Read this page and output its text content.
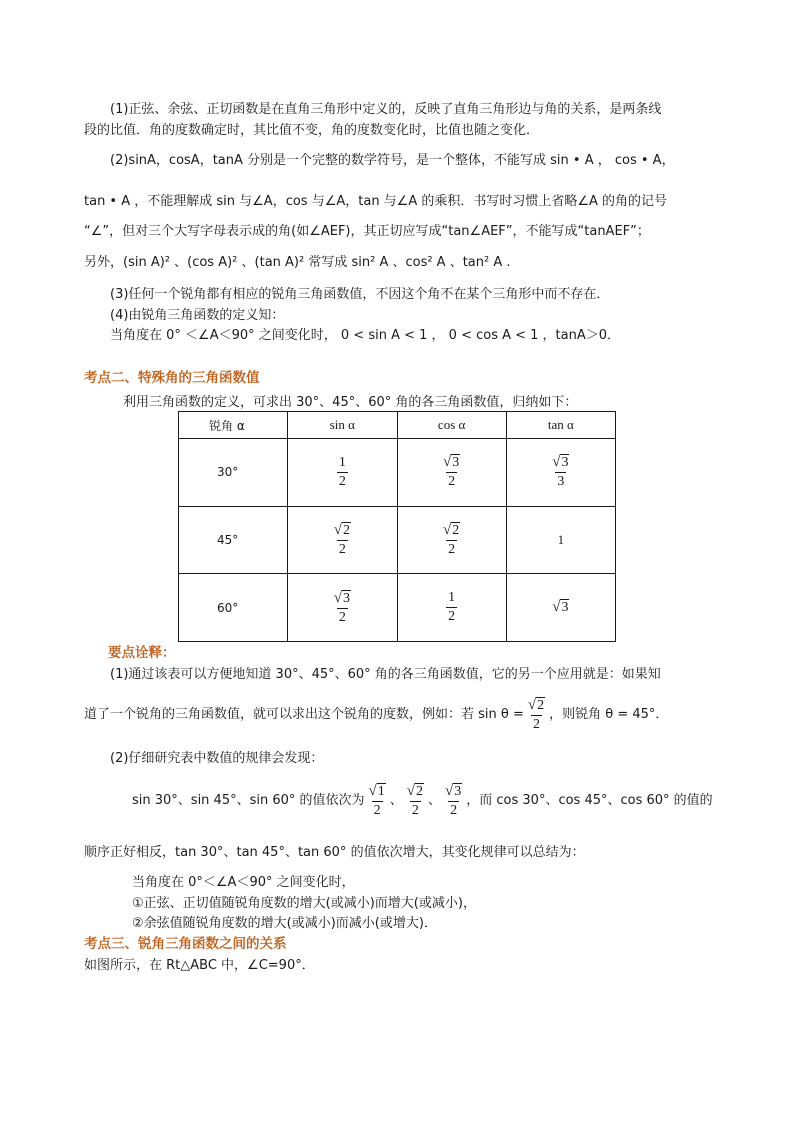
(1)正弦、余弦、正切函数是在直角三角形中定义的，反映了直角三角形边与角的关系，是两条线
段的比值．角的度数确定时，其比值不变，角的度数变化时，比值也随之变化．
(2)sinA，cosA，tanA 分别是一个完整的数学符号，是一个整体，不能写成 sin • A ， cos • A，
tan • A ，不能理解成 sin 与∠A，cos 与∠A，tan 与∠A 的乘积．书写时习惯上省略∠A 的角的记号
“∠”，但对三个大写字母表示成的角(如∠AEF)，其正切应写成“tan∠AEF”，不能写成“tanAEF”；
另外，(sin A)² 、(cos A)² 、(tan A)² 常写成 sin² A 、cos² A 、tan² A .
(3)任何一个锐角都有相应的锐角三角函数值，不因这个角不在某个三角形中而不存在．
(4)由锐角三角函数的定义知：
当角度在 0° ＜∠A＜90° 之间变化时， 0 < sin A < 1 ， 0 < cos A < 1 ，tanA＞0．
考点二、特殊角的三角函数值
利用三角函数的定义，可求出 30°、45°、60° 角的各三角函数值，归纳如下：
锐角 α	sin α	cos α	tan α
30°	$\frac{1}{2}$	$\frac{√3}{2}$	$\frac{√3}{3}$

45°	$\frac{√2}{2}$	$\frac{√2}{2}$	1
60°	$\frac{√3}{2}$	$\frac{1}{2}$	√3
要点诠释：
(1)通过该表可以方便地知道 30°、45°、60° 角的各三角函数值，它的另一个应用就是：如果知
道了一个锐角的三角函数值，就可以求出这个锐角的度数，例如：若 $\sin \theta = \frac{√2}{2}$ ，则锐角 θ = 45°．
(2)仔细研究表中数值的规律会发现：
sin 30°、sin 45°、sin 60° 的值依次为 $\frac{√1}{2}$ 、 $\frac{√2}{2}$ 、 $\frac{√3}{2}$ ，而 cos 30°、cos 45°、cos 60° 的值的
顺序正好相反，tan 30°、tan 45°、tan 60° 的值依次增大，其变化规律可以总结为：
当角度在 0°＜∠A＜90° 之间变化时，
①正弦、正切值随锐角度数的增大(或减小)而增大(或减小)，
②余弦值随锐角度数的增大(或减小)而减小(或增大)．
考点三、锐角三角函数之间的关系
如图所示，在 Rt△ABC 中，∠C=90°．
